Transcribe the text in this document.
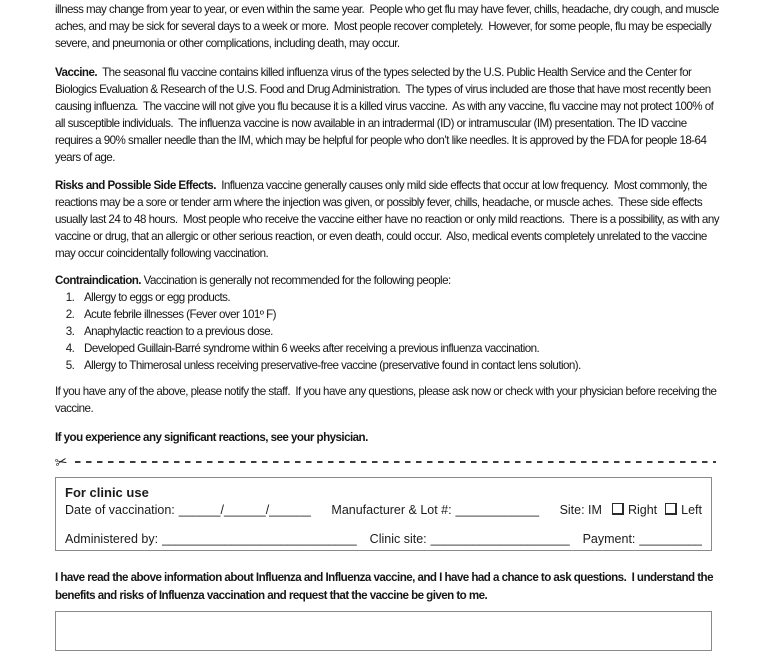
illness may change from year to year, or even within the same year.  People who get flu may have fever, chills, headache, dry cough, and muscle aches, and may be sick for several days to a week or more.  Most people recover completely.  However, for some people, flu may be especially severe, and pneumonia or other complications, including death, may occur.

Vaccine.  The seasonal flu vaccine contains killed influenza virus of the types selected by the U.S. Public Health Service and the Center for Biologics Evaluation & Research of the U.S. Food and Drug Administration.  The types of virus included are those that have most recently been causing influenza.  The vaccine will not give you flu because it is a killed virus vaccine.  As with any vaccine, flu vaccine may not protect 100% of all susceptible individuals.  The influenza vaccine is now available in an intradermal (ID) or intramuscular (IM) presentation. The ID vaccine requires a 90% smaller needle than the IM, which may be helpful for people who don’t like needles. It is approved by the FDA for people 18-64 years of age.

Risks and Possible Side Effects.  Influenza vaccine generally causes only mild side effects that occur at low frequency.  Most commonly, the reactions may be a sore or tender arm where the injection was given, or possibly fever, chills, headache, or muscle aches.  These side effects usually last 24 to 48 hours.  Most people who receive the vaccine either have no reaction or only mild reactions.  There is a possibility, as with any vaccine or drug, that an allergic or other serious reaction, or even death, could occur.  Also, medical events completely unrelated to the vaccine may occur coincidentally following vaccination.

Contraindication. Vaccination is generally not recommended for the following people:

1. Allergy to eggs or egg products.
2. Acute febrile illnesses (Fever over 101º F)
3. Anaphylactic reaction to a previous dose.
4. Developed Guillain-Barré syndrome within 6 weeks after receiving a previous influenza vaccination.
5. Allergy to Thimerosal unless receiving preservative-free vaccine (preservative found in contact lens solution).

If you have any of the above, please notify the staff.  If you have any questions, please ask now or check with your physician before receiving the vaccine.

If you experience any significant reactions, see your physician.

✂
For clinic use
Date of vaccination: ______/______/______ Manufacturer & Lot #: ____________ Site: IM Right Left
Administered by: ____________________________ Clinic site: ____________________ Payment: _________

I have read the above information about Influenza and Influenza vaccine, and I have had a chance to ask questions.  I understand the benefits and risks of Influenza vaccination and request that the vaccine be given to me.
